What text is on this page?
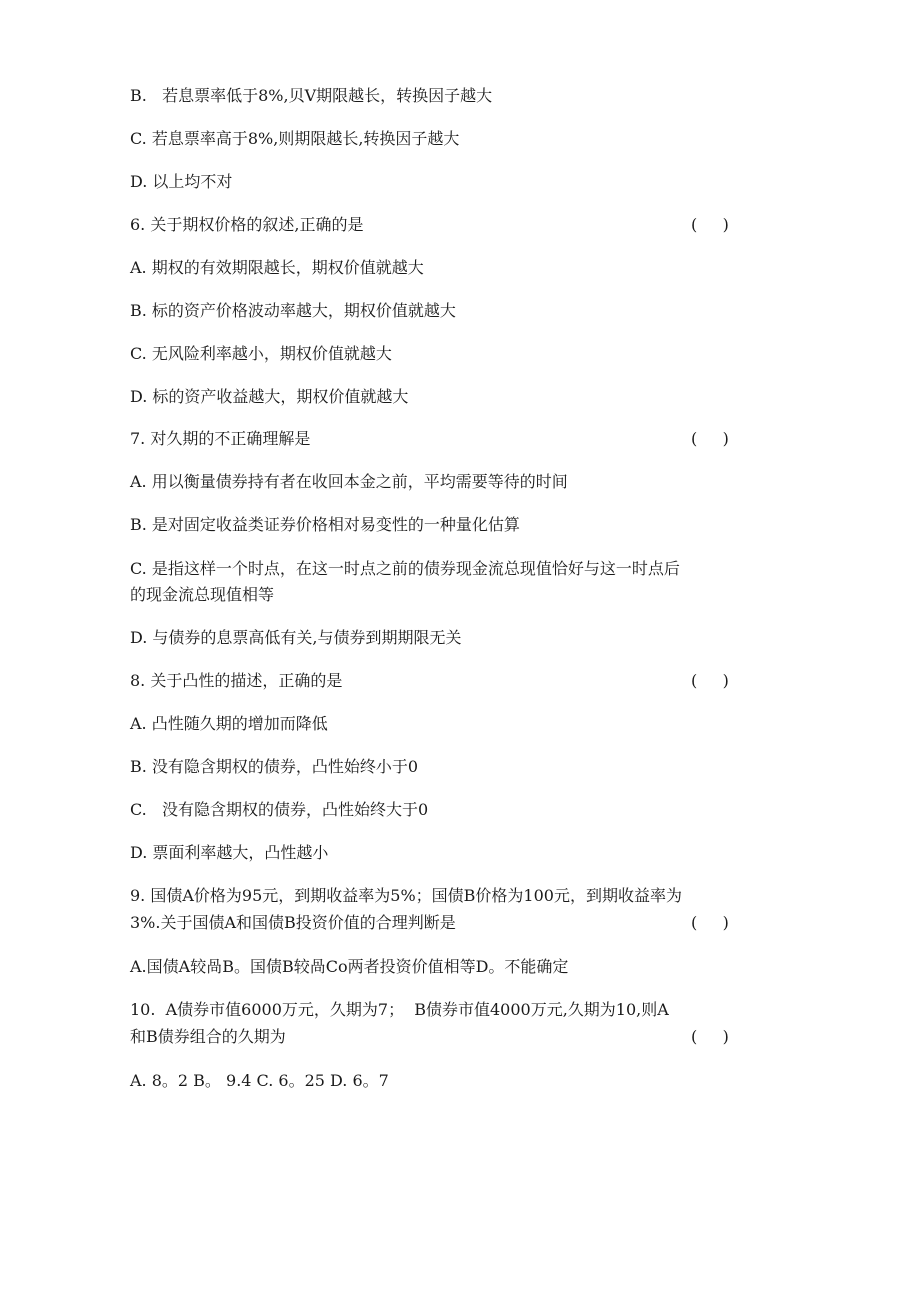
B.   若息票率低于8%,贝V期限越长，转换因子越大
C. 若息票率高于8%,则期限越长,转换因子越大
D. 以上均不对
6. 关于期权价格的叙述,正确的是	(     )
A. 期权的有效期限越长，期权价值就越大
B. 标的资产价格波动率越大，期权价值就越大
C. 无风险利率越小，期权价值就越大
D. 标的资产收益越大，期权价值就越大
7. 对久期的不正确理解是	(     )
A. 用以衡量债券持有者在收回本金之前，平均需要等待的时间
B. 是对固定收益类证券价格相对易变性的一种量化估算
C. 是指这样一个时点，在这一时点之前的债券现金流总现值恰好与这一时点后
的现金流总现值相等
D. 与债券的息票高低有关,与债券到期期限无关
8. 关于凸性的描述，正确的是	(     )
A. 凸性随久期的增加而降低
B. 没有隐含期权的债券，凸性始终小于0
C.   没有隐含期权的债券，凸性始终大于0
D. 票面利率越大，凸性越小
9. 国债A价格为95元，到期收益率为5%；国债B价格为100元，到期收益率为
3%.关于国债A和国债B投资价值的合理判断是	(     )
A.国债A较咼B。国债B较咼Co两者投资价值相等D。不能确定
10.  A债券市值6000万元，久期为7；  B债券市值4000万元,久期为10,则A
和B债券组合的久期为	(     )
A. 8。2 B。 9.4 C. 6。25 D. 6。7
